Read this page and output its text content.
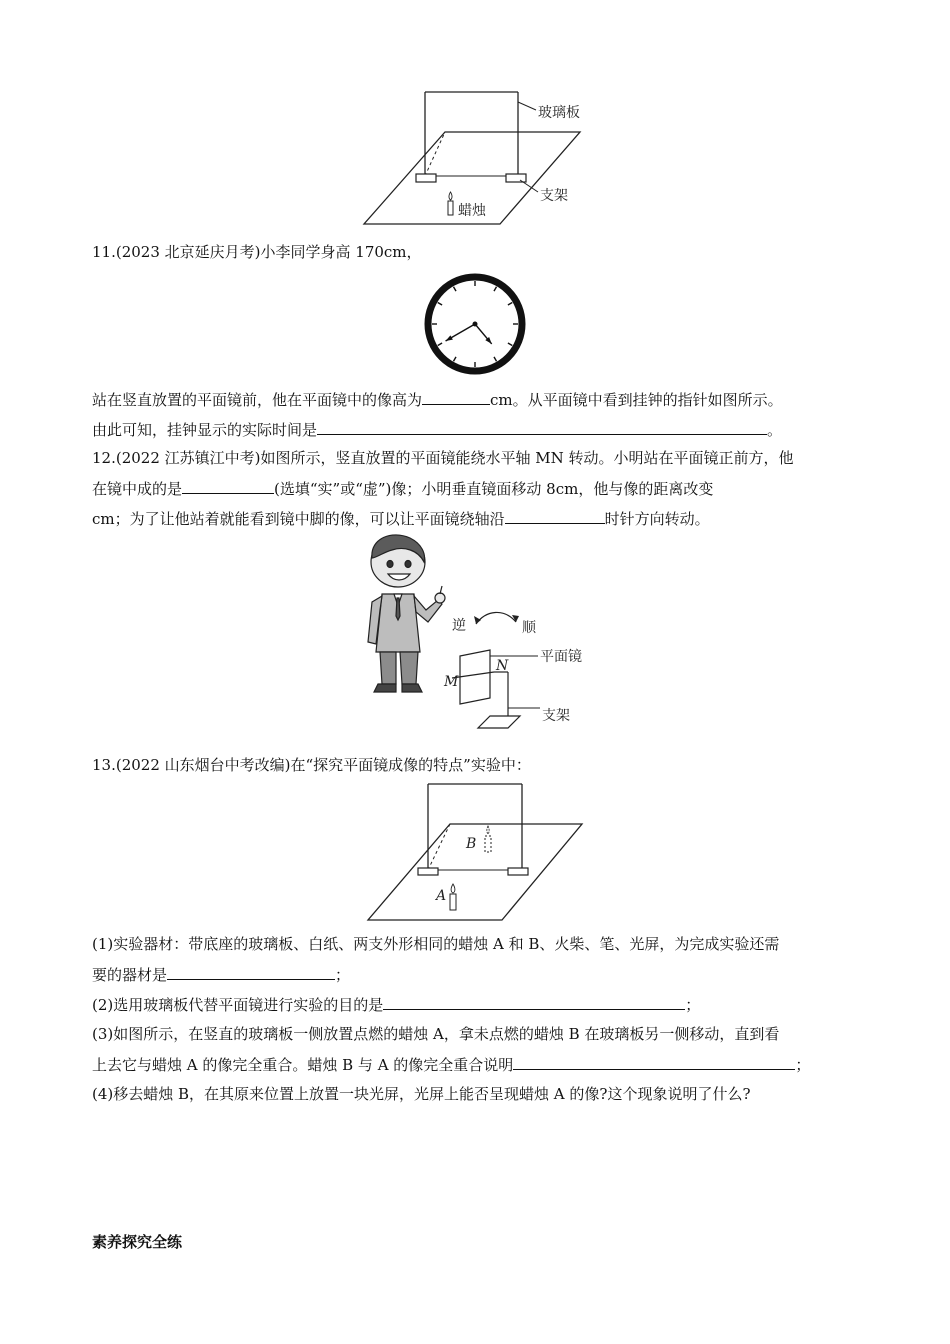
玻璃板
支架
蜡烛
11.(2023 北京延庆月考)小李同学身高 170cm，
站在竖直放置的平面镜前，他在平面镜中的像高为	cm。从平面镜中看到挂钟的指针如图所示。
由此可知，挂钟显示的实际时间是	。
12.(2022 江苏镇江中考)如图所示，竖直放置的平面镜能绕水平轴 MN 转动。小明站在平面镜正前方，他
在镜中成的是	(选填“实”或“虚”)像；小明垂直镜面移动 8cm，他与像的距离改变
cm；为了让他站着就能看到镜中脚的像，可以让平面镜绕轴沿	时针方向转动。
逆	顺
平面镜
N
M
支架
13.(2022 山东烟台中考改编)在“探究平面镜成像的特点”实验中：
B
A
(1)实验器材：带底座的玻璃板、白纸、两支外形相同的蜡烛 A 和 B、火柴、笔、光屏，为完成实验还需
要的器材是	；
(2)选用玻璃板代替平面镜进行实验的目的是	；
(3)如图所示，在竖直的玻璃板一侧放置点燃的蜡烛 A，拿未点燃的蜡烛 B 在玻璃板另一侧移动，直到看
上去它与蜡烛 A 的像完全重合。蜡烛 B 与 A 的像完全重合说明	；
(4)移去蜡烛 B，在其原来位置上放置一块光屏，光屏上能否呈现蜡烛 A 的像?这个现象说明了什么?
素养探究全练
